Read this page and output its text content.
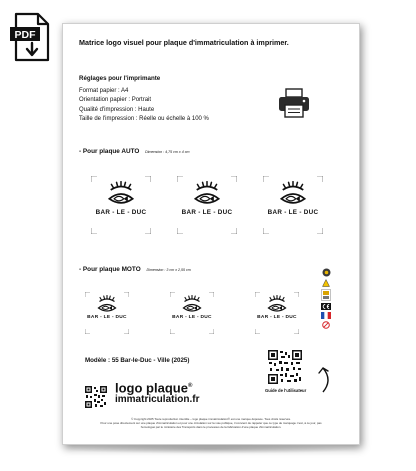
PDF
Matrice logo visuel pour plaque d'immatriculation à imprimer.
Réglages pour l'imprimante
Format papier : A4
Orientation papier : Portrait
Qualité d'impression : Haute
Taille de l'impression : Réelle ou échelle à 100 %
- Pour plaque AUTO Dimension : 4,75 cm x 4 cm
BAR - LE - DUC	BAR - LE - DUC	BAR - LE - DUC
- Pour plaque MOTO Dimension : 3 cm x 2,55 cm
BAR - LE - DUC	BAR - LE - DUC	BAR - LE - DUC
Modèle : 55 Bar-le-Duc - Ville (2025)
logo plaque®
immatriculation.fr
Guide de l'utilisateur
© Copyright 2025 Toute reproduction interdite – logo plaque immatriculation® est une marque déposée. Tous droits réservés.
Pour une pose directement sur une plaque d'immatriculation et pour une circulation sur la voie publique, il convient de rappeler que ce type de marquage n'est, à ce jour, pas
homologué par le ministère des Transports dans le processus de la fabrication d'une plaque d'immatriculation.
